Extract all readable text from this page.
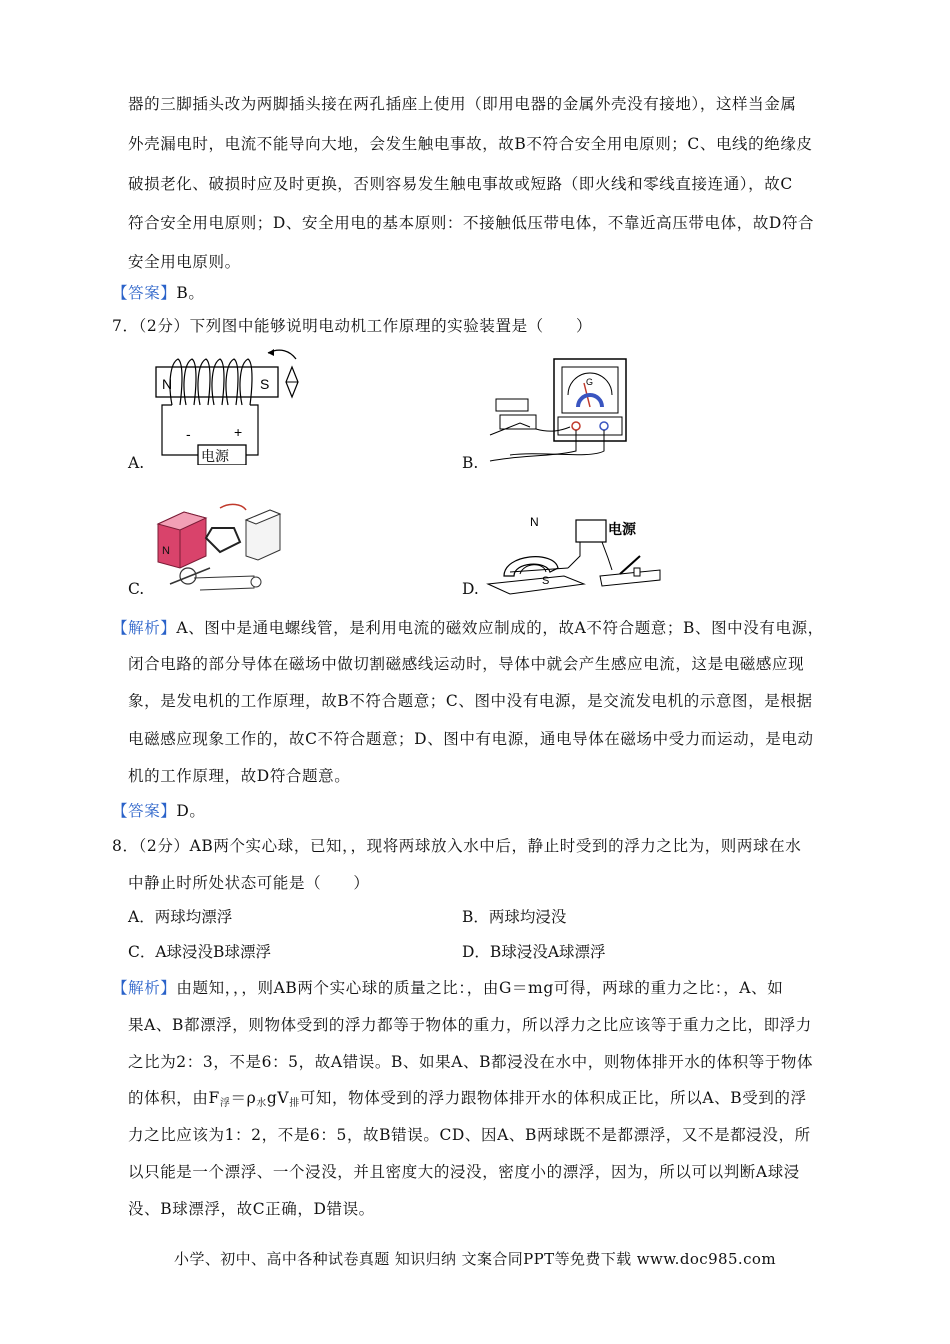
器的三脚插头改为两脚插头接在两孔插座上使用（即用电器的金属外壳没有接地），这样当金属
外壳漏电时，电流不能导向大地，会发生触电事故，故B不符合安全用电原则；C、电线的绝缘皮
破损老化、破损时应及时更换，否则容易发生触电事故或短路（即火线和零线直接连通），故C
符合安全用电原则；D、安全用电的基本原则：不接触低压带电体，不靠近高压带电体，故D符合
安全用电原则。
【答案】B。
7．（2分）下列图中能够说明电动机工作原理的实验装置是（　　）
A.
N	S
电源
-	+
B.
G
C.
N
D.
N
S
电源
【解析】A、图中是通电螺线管，是利用电流的磁效应制成的，故A不符合题意；B、图中没有电源，
闭合电路的部分导体在磁场中做切割磁感线运动时，导体中就会产生感应电流，这是电磁感应现
象，是发电机的工作原理，故B不符合题意；C、图中没有电源，是交流发电机的示意图，是根据
电磁感应现象工作的，故C不符合题意；D、图中有电源，通电导体在磁场中受力而运动，是电动
机的工作原理，故D符合题意。
【答案】D。
8．（2分）AB两个实心球，已知，，现将两球放入水中后，静止时受到的浮力之比为，则两球在水
中静止时所处状态可能是（　　）
A．两球均漂浮	B．两球均浸没
C．A球浸没B球漂浮	D．B球浸没A球漂浮
【解析】由题知，，，则AB两个实心球的质量之比：，由G＝mg可得，两球的重力之比：，A、如
果A、B都漂浮，则物体受到的浮力都等于物体的重力，所以浮力之比应该等于重力之比，即浮力
之比为2：3，不是6：5，故A错误。B、如果A、B都浸没在水中，则物体排开水的体积等于物体
的体积，由$F_浮=\rho_水gV_排$可知，物体受到的浮力跟物体排开水的体积成正比，所以A、B受到的浮
力之比应该为1：2，不是6：5，故B错误。CD、因A、B两球既不是都漂浮，又不是都浸没，所
以只能是一个漂浮、一个浸没，并且密度大的浸没，密度小的漂浮，因为，所以可以判断A球浸
没、B球漂浮，故C正确，D错误。
小学、初中、高中各种试卷真题 知识归纳 文案合同PPT等免费下载 www.doc985.com
